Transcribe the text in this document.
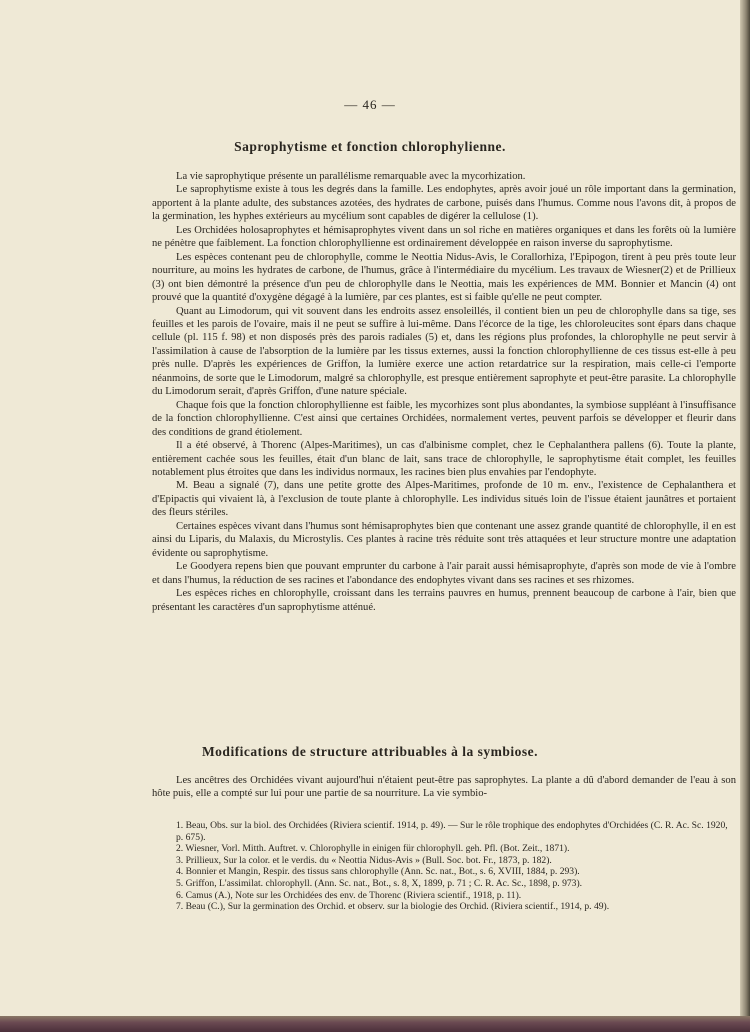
— 46 —
Saprophytisme et fonction chlorophylienne.

La vie saprophytique présente un parallélisme remarquable avec la mycorhization.

Le saprophytisme existe à tous les degrés dans la famille. Les endophytes, après avoir joué un rôle important dans la germination, apportent à la plante adulte, des substances azotées, des hydrates de carbone, puisés dans l'humus. Comme nous l'avons dit, à propos de la germination, les hyphes extérieurs au mycélium sont capables de digérer la cellulose (1).

Les Orchidées holosaprophytes et hémisaprophytes vivent dans un sol riche en matières organiques et dans les forêts où la lumière ne pénètre que faiblement. La fonction chlorophyllienne est ordinairement développée en raison inverse du saprophytisme.

Les espèces contenant peu de chlorophylle, comme le Neottia Nidus-Avis, le Corallorhiza, l'Epipogon, tirent à peu près toute leur nourriture, au moins les hydrates de carbone, de l'humus, grâce à l'intermédiaire du mycélium. Les travaux de Wiesner(2) et de Prillieux (3) ont bien démontré la présence d'un peu de chlorophylle dans le Neottia, mais les expériences de MM. Bonnier et Mancin (4) ont prouvé que la quantité d'oxygène dégagé à la lumière, par ces plantes, est si faible qu'elle ne peut compter.

Quant au Limodorum, qui vit souvent dans les endroits assez ensoleillés, il contient bien un peu de chlorophylle dans sa tige, ses feuilles et les parois de l'ovaire, mais il ne peut se suffire à lui-même. Dans l'écorce de la tige, les chloroleucites sont épars dans chaque cellule (pl. 115 f. 98) et non disposés près des parois radiales (5) et, dans les régions plus profondes, la chlorophylle ne peut servir à l'assimilation à cause de l'absorption de la lumière par les tissus externes, aussi la fonction chlorophyllienne de ces tissus est-elle à peu près nulle. D'après les expériences de Griffon, la lumière exerce une action retardatrice sur la respiration, mais celle-ci l'emporte néanmoins, de sorte que le Limodorum, malgré sa chlorophylle, est presque entièrement saprophyte et peut-être parasite. La chlorophylle du Limodorum serait, d'après Griffon, d'une nature spéciale.

Chaque fois que la fonction chlorophyllienne est faible, les mycorhizes sont plus abondantes, la symbiose suppléant à l'insuffisance de la fonction chlorophyllienne. C'est ainsi que certaines Orchidées, normalement vertes, peuvent parfois se développer et fleurir dans des conditions de grand étiolement.

Il a été observé, à Thorenc (Alpes-Maritimes), un cas d'albinisme complet, chez le Cephalanthera pallens (6). Toute la plante, entièrement cachée sous les feuilles, était d'un blanc de lait, sans trace de chlorophylle, le saprophytisme était complet, les feuilles notablement plus étroites que dans les individus normaux, les racines bien plus envahies par l'endophyte.

M. Beau a signalé (7), dans une petite grotte des Alpes-Maritimes, profonde de 10 m. env., l'existence de Cephalanthera et d'Epipactis qui vivaient là, à l'exclusion de toute plante à chlorophylle. Les individus situés loin de l'issue étaient jaunâtres et portaient des fleurs stériles.

Certaines espèces vivant dans l'humus sont hémisaprophytes bien que contenant une assez grande quantité de chlorophylle, il en est ainsi du Liparis, du Malaxis, du Microstylis. Ces plantes à racine très réduite sont très attaquées et leur structure montre une adaptation évidente ou saprophytisme.

Le Goodyera repens bien que pouvant emprunter du carbone à l'air parait aussi hémisaprophyte, d'après son mode de vie à l'ombre et dans l'humus, la réduction de ses racines et l'abondance des endophytes vivant dans ses racines et ses rhizomes.

Les espèces riches en chlorophylle, croissant dans les terrains pauvres en humus, prennent beaucoup de carbone à l'air, bien que présentant les caractères d'un saprophytisme atténué.

Modifications de structure attribuables à la symbiose.

Les ancêtres des Orchidées vivant aujourd'hui n'étaient peut-être pas saprophytes. La plante a dû d'abord demander de l'eau à son hôte puis, elle a compté sur lui pour une partie de sa nourriture. La vie symbio-

1. Beau, Obs. sur la biol. des Orchidées (Riviera scientif. 1914, p. 49). — Sur le rôle trophique des endophytes d'Orchidées (C. R. Ac. Sc. 1920, p. 675).

2. Wiesner, Vorl. Mitth. Auftret. v. Chlorophylle in einigen für chlorophyll. geh. Pfl. (Bot. Zeit., 1871).

3. Prillieux, Sur la color. et le verdis. du « Neottia Nidus-Avis » (Bull. Soc. bot. Fr., 1873, p. 182).

4. Bonnier et Mangin, Respir. des tissus sans chlorophylle (Ann. Sc. nat., Bot., s. 6, XVIII, 1884, p. 293).

5. Griffon, L'assimilat. chlorophyll. (Ann. Sc. nat., Bot., s. 8, X, 1899, p. 71 ; C. R. Ac. Sc., 1898, p. 973).

6. Camus (A.), Note sur les Orchidées des env. de Thorenc (Riviera scientif., 1918, p. 11).

7. Beau (C.), Sur la germination des Orchid. et observ. sur la biologie des Orchid. (Riviera scientif., 1914, p. 49).
